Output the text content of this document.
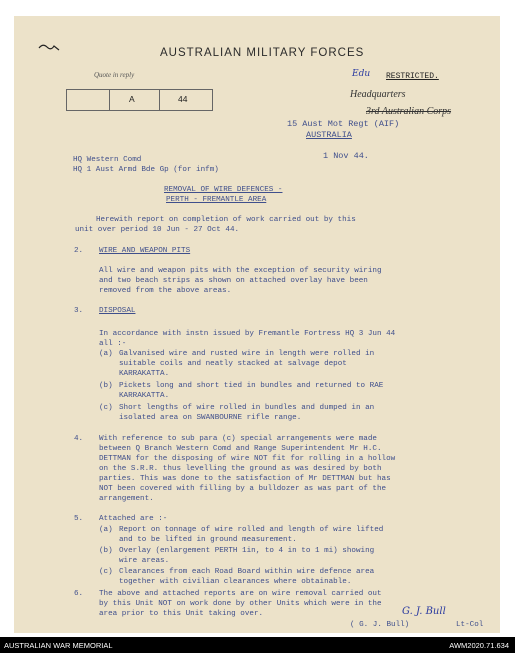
AUSTRALIAN MILITARY FORCES
Quote in reply
A	44
Edu RESTRICTED.
Headquarters
3rd Australian Corps
15 Aust Mot Regt (AIF)
AUSTRALIA
1 Nov 44.
HQ Western Comd
HQ 1 Aust Armd Bde Gp (for infm)
REMOVAL OF WIRE DEFENCES -
PERTH - FREMANTLE AREA
Herewith report on completion of work carried out by this
unit over period 10 Jun - 27 Oct 44.
2. WIRE AND WEAPON PITS
All wire and weapon pits with the exception of security wiring
and two beach strips as shown on attached overlay have been
removed from the above areas.
3. DISPOSAL
In accordance with instn issued by Fremantle Fortress HQ 3 Jun 44
all :-
(a) Galvanised wire and rusted wire in length were rolled in
suitable coils and neatly stacked at salvage depot
KARRAKATTA.
(b) Pickets long and short tied in bundles and returned to RAE
KARRAKATTA.
(c) Short lengths of wire rolled in bundles and dumped in an
isolated area on SWANBOURNE rifle range.
4. With reference to sub para (c) special arrangements were made
between Q Branch Western Comd and Range Superintendent Mr H.C.
DETTMAN for the disposing of wire NOT fit for rolling in a hollow
on the S.R.R. thus levelling the ground as was desired by both
parties. This was done to the satisfaction of Mr DETTMAN but has
NOT been covered with filling by a bulldozer as was part of the
arrangement.
5. Attached are :-
(a) Report on tonnage of wire rolled and length of wire lifted
and to be lifted in ground measurement.
(b) Overlay (enlargement PERTH 1in, to 4 in to 1 mi) showing
wire areas.
(c) Clearances from each Road Board within wire defence area
together with civilian clearances where obtainable.
6. The above and attached reports are on wire removal carried out
by this Unit NOT on work done by other Units which were in the
area prior to this Unit taking over.	G. J. Bull
( G. J. Bull)	Lt-Col
AUSTRALIAN WAR MEMORIAL	AWM2020.71.634
